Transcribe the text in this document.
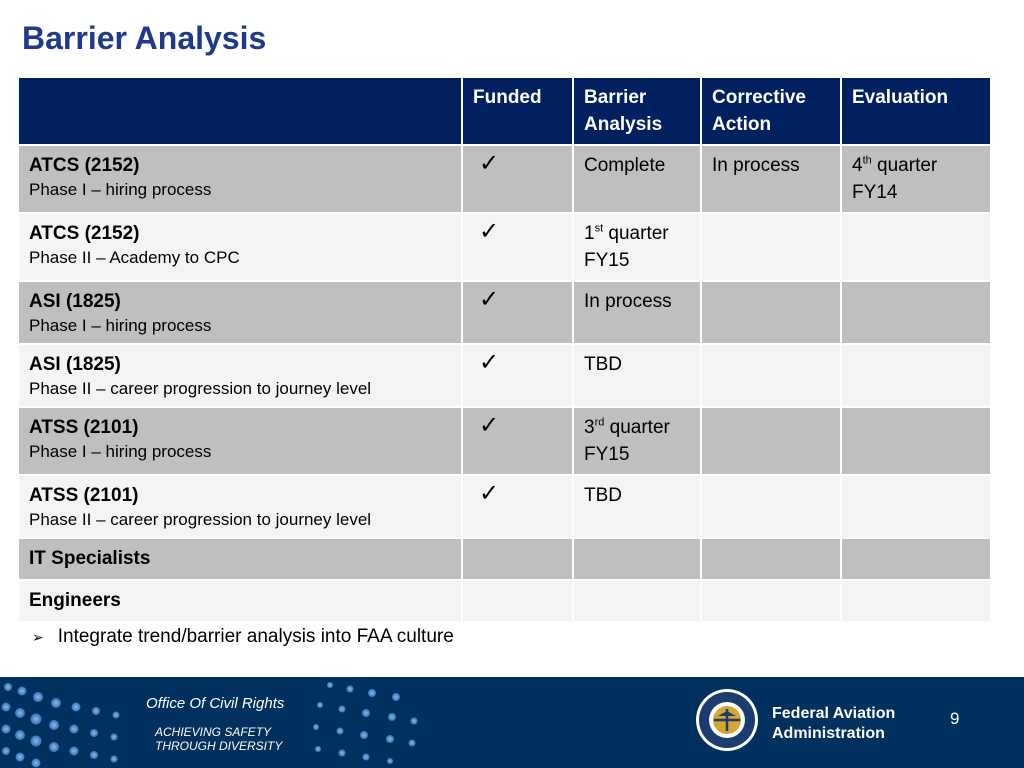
Barrier Analysis
	Funded	Barrier Analysis	Corrective Action	Evaluation

ATCS (2152)
Phase I – hiring process	✓	Complete	In process	4th quarter FY14

ATCS (2152)
Phase II – Academy to CPC	✓	1st quarter FY15		

ASI (1825)
Phase I – hiring process	✓	In process		

ASI (1825)
Phase II – career progression to journey level	✓	TBD		

ATSS (2101)
Phase I – hiring process	✓	3rd quarter FY15		

ATSS (2101)
Phase II – career progression to journey level	✓	TBD		

IT Specialists				

Engineers				

➢ Integrate trend/barrier analysis into FAA culture
Office Of Civil Rights
ACHIEVING SAFETY
THROUGH DIVERSITY
Federal Aviation
Administration
9
